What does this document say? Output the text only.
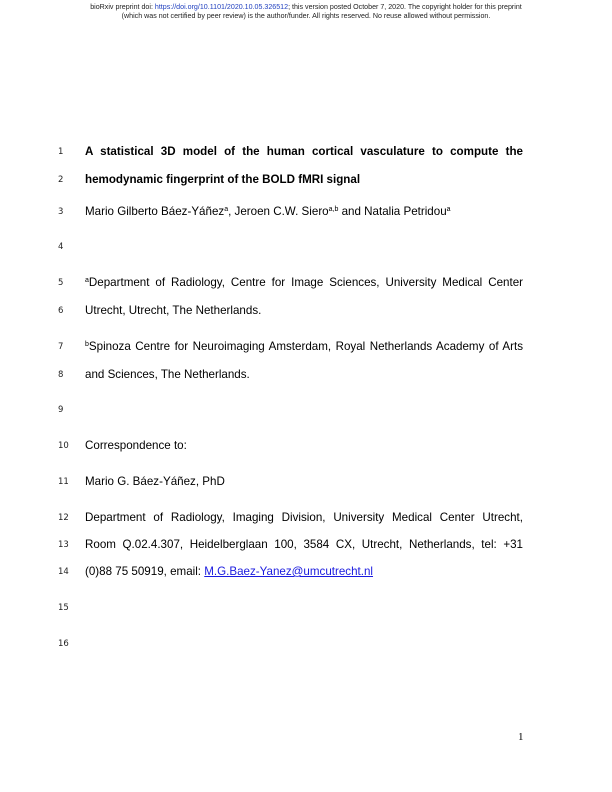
bioRxiv preprint doi: https://doi.org/10.1101/2020.10.05.326512; this version posted October 7, 2020. The copyright holder for this preprint
(which was not certified by peer review) is the author/funder. All rights reserved. No reuse allowed without permission.
1	A statistical 3D model of the human cortical vasculature to compute the
2	hemodynamic fingerprint of the BOLD fMRI signal
3	Mario Gilberto Báez-Yáñez$^a$, Jeroen C.W. Siero$^{a,b}$ and Natalia Petridou$^a$
4
5	$^a$Department of Radiology, Centre for Image Sciences, University Medical Center
6	Utrecht, Utrecht, The Netherlands.
7	$^b$Spinoza Centre for Neuroimaging Amsterdam, Royal Netherlands Academy of Arts
8	and Sciences, The Netherlands.
9
10 Correspondence to:
11 Mario G. Báez-Yáñez, PhD
12 Department of Radiology, Imaging Division, University Medical Center Utrecht,
13 Room Q.02.4.307, Heidelberglaan 100, 3584 CX, Utrecht, Netherlands, tel: +31
14 (0)88 75 50919, email: M.G.Baez-Yanez@umcutrecht.nl
15
16
1
